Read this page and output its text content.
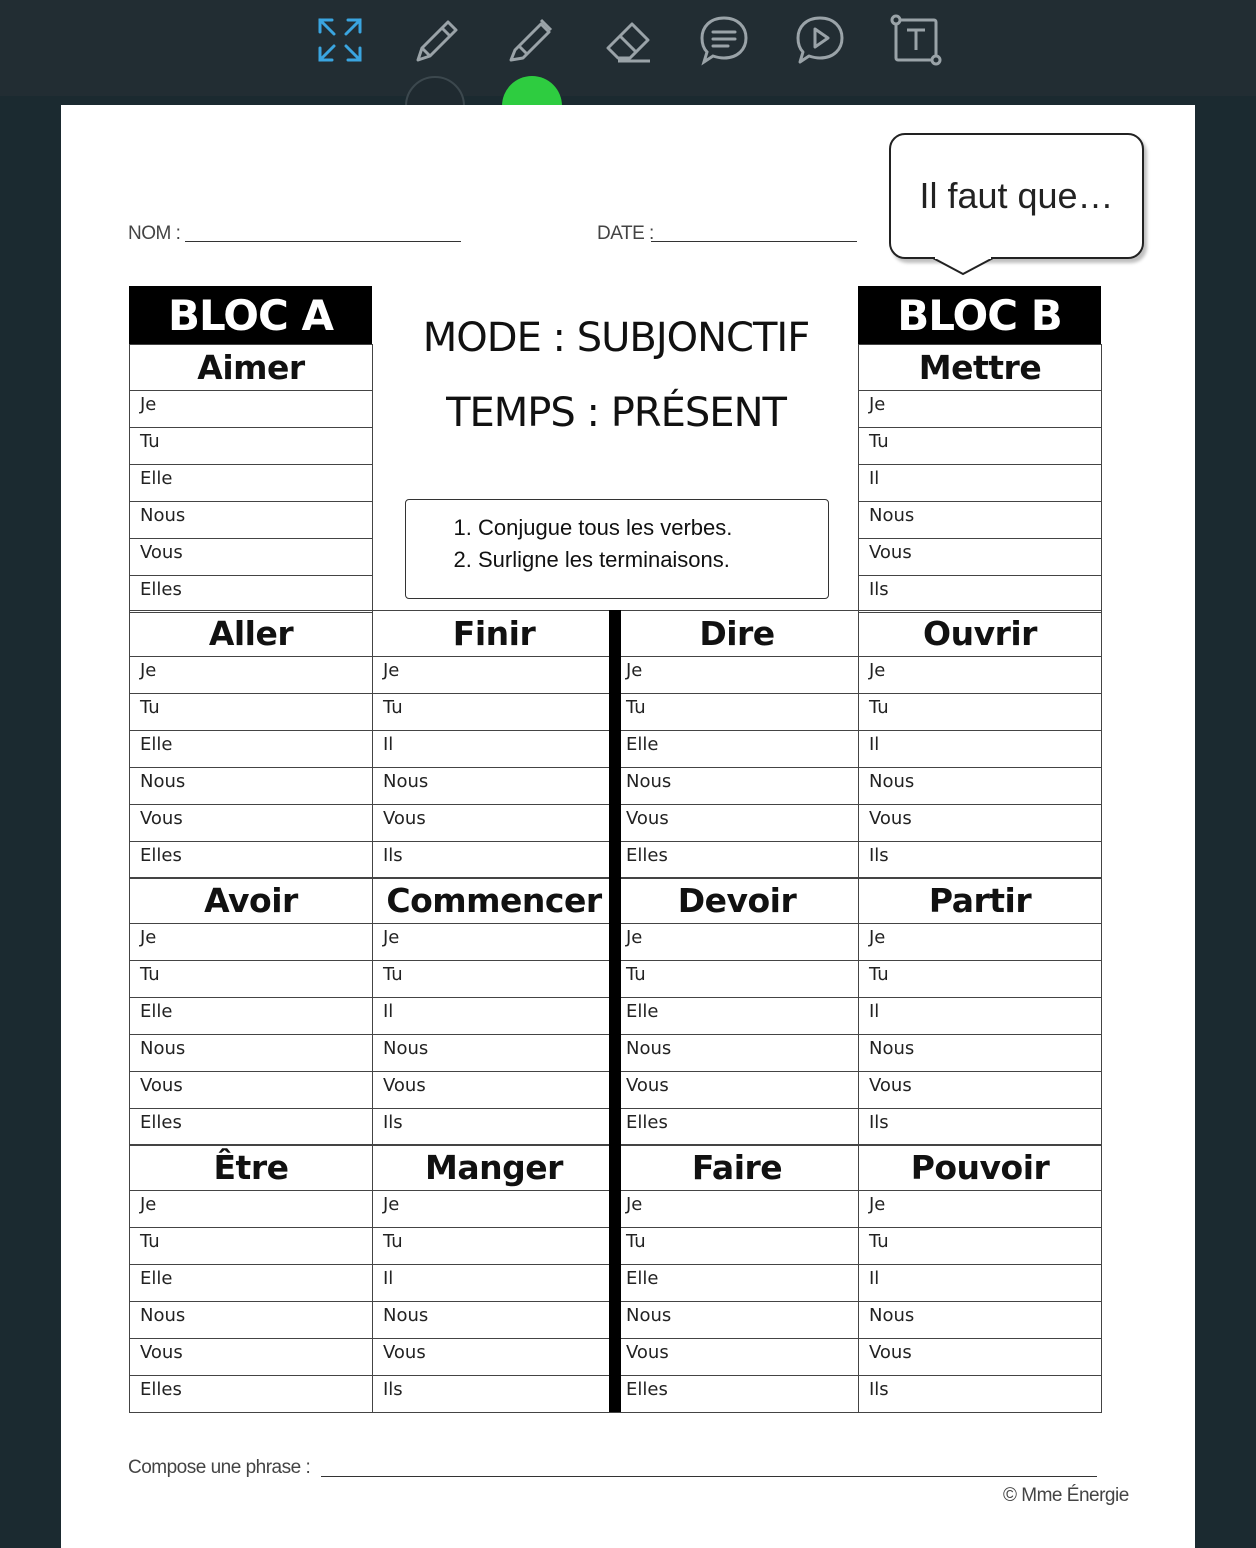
NOM :	DATE :
Il faut que…
BLOC A	BLOC B
MODE : SUBJONCTIF
TEMPS : PRÉSENT
1. Conjugue tous les verbes.
2. Surligne les terminaisons.
Aimer
Je
Tu
Elle
Nous
Vous
Elles
Mettre
Je
Tu
Il
Nous
Vous
Ils
Aller
Je
Tu
Elle
Nous
Vous
Elles
Finir
Je
Tu
Il
Nous
Vous
Ils
Dire
Je
Tu
Elle
Nous
Vous
Elles
Ouvrir
Je
Tu
Il
Nous
Vous
Ils
Avoir
Je
Tu
Elle
Nous
Vous
Elles
Commencer
Je
Tu
Il
Nous
Vous
Ils
Devoir
Je
Tu
Elle
Nous
Vous
Elles
Partir
Je
Tu
Il
Nous
Vous
Ils
Être
Je
Tu
Elle
Nous
Vous
Elles
Manger
Je
Tu
Il
Nous
Vous
Ils
Faire
Je
Tu
Elle
Nous
Vous
Elles
Pouvoir
Je
Tu
Il
Nous
Vous
Ils
Compose une phrase :
© Mme Énergie
